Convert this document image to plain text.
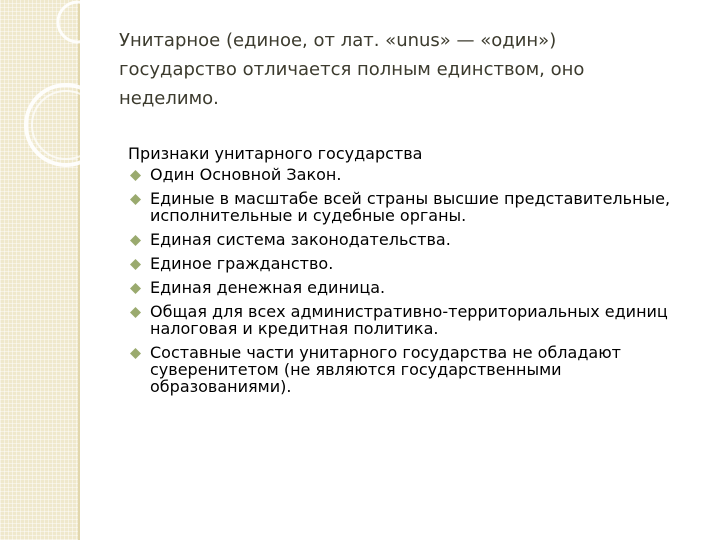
Унитарное (единое, от лат. «unus» — «один») государство отличается полным единством, оно неделимо.

Признаки унитарного государства

Один Основной Закон.
Единые в масштабе всей страны высшие представительные, исполнительные и судебные органы.
Единая система законодательства.
Единое гражданство.
Единая денежная единица.
Общая для всех административно-территориальных единиц налоговая и кредитная политика.
Составные части унитарного государства не обладают суверенитетом (не являются государственными образованиями).
